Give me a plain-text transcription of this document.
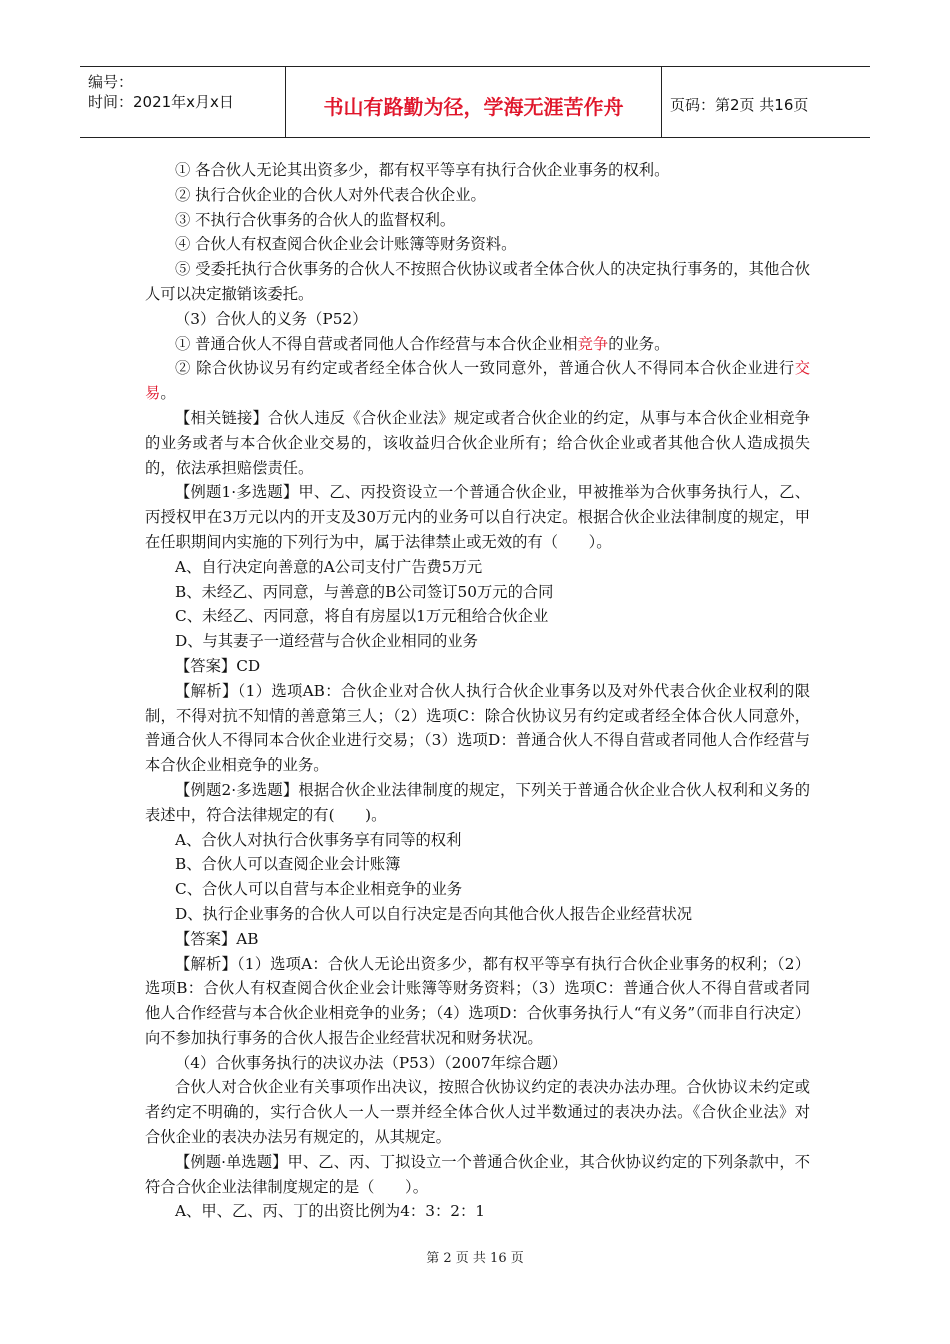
编号：
时间：2021年x月x日	书山有路勤为径，学海无涯苦作舟	页码：第2页 共16页

① 各合伙人无论其出资多少，都有权平等享有执行合伙企业事务的权利。

② 执行合伙企业的合伙人对外代表合伙企业。

③ 不执行合伙事务的合伙人的监督权利。

④ 合伙人有权查阅合伙企业会计账簿等财务资料。

⑤ 受委托执行合伙事务的合伙人不按照合伙协议或者全体合伙人的决定执行事务的，其他合伙人可以决定撤销该委托。

（3）合伙人的义务（P52）

① 普通合伙人不得自营或者同他人合作经营与本合伙企业相竞争的业务。

② 除合伙协议另有约定或者经全体合伙人一致同意外，普通合伙人不得同本合伙企业进行交易。

【相关链接】合伙人违反《合伙企业法》规定或者合伙企业的约定，从事与本合伙企业相竞争的业务或者与本合伙企业交易的，该收益归合伙企业所有；给合伙企业或者其他合伙人造成损失的，依法承担赔偿责任。

【例题1·多选题】甲、乙、丙投资设立一个普通合伙企业，甲被推举为合伙事务执行人，乙、丙授权甲在3万元以内的开支及30万元内的业务可以自行决定。根据合伙企业法律制度的规定，甲在任职期间内实施的下列行为中，属于法律禁止或无效的有（　　）。

A、自行决定向善意的A公司支付广告费5万元

B、未经乙、丙同意，与善意的B公司签订50万元的合同

C、未经乙、丙同意，将自有房屋以1万元租给合伙企业

D、与其妻子一道经营与合伙企业相同的业务

【答案】CD

【解析】（1）选项AB：合伙企业对合伙人执行合伙企业事务以及对外代表合伙企业权利的限制，不得对抗不知情的善意第三人；（2）选项C：除合伙协议另有约定或者经全体合伙人同意外，普通合伙人不得同本合伙企业进行交易；（3）选项D：普通合伙人不得自营或者同他人合作经营与本合伙企业相竞争的业务。

【例题2·多选题】根据合伙企业法律制度的规定，下列关于普通合伙企业合伙人权利和义务的表述中，符合法律规定的有(　　)。

A、合伙人对执行合伙事务享有同等的权利

B、合伙人可以查阅企业会计账簿

C、合伙人可以自营与本企业相竞争的业务

D、执行企业事务的合伙人可以自行决定是否向其他合伙人报告企业经营状况

【答案】AB

【解析】（1）选项A：合伙人无论出资多少，都有权平等享有执行合伙企业事务的权利；（2）选项B：合伙人有权查阅合伙企业会计账簿等财务资料；（3）选项C：普通合伙人不得自营或者同他人合作经营与本合伙企业相竞争的业务；（4）选项D：合伙事务执行人“有义务”（而非自行决定）向不参加执行事务的合伙人报告企业经营状况和财务状况。

（4）合伙事务执行的决议办法（P53）（2007年综合题）

合伙人对合伙企业有关事项作出决议，按照合伙协议约定的表决办法办理。合伙协议未约定或者约定不明确的，实行合伙人一人一票并经全体合伙人过半数通过的表决办法。《合伙企业法》对合伙企业的表决办法另有规定的，从其规定。

【例题·单选题】甲、乙、丙、丁拟设立一个普通合伙企业，其合伙协议约定的下列条款中，不符合合伙企业法律制度规定的是（　　）。

A、甲、乙、丙、丁的出资比例为4：3：2：1

第 2 页 共 16 页
